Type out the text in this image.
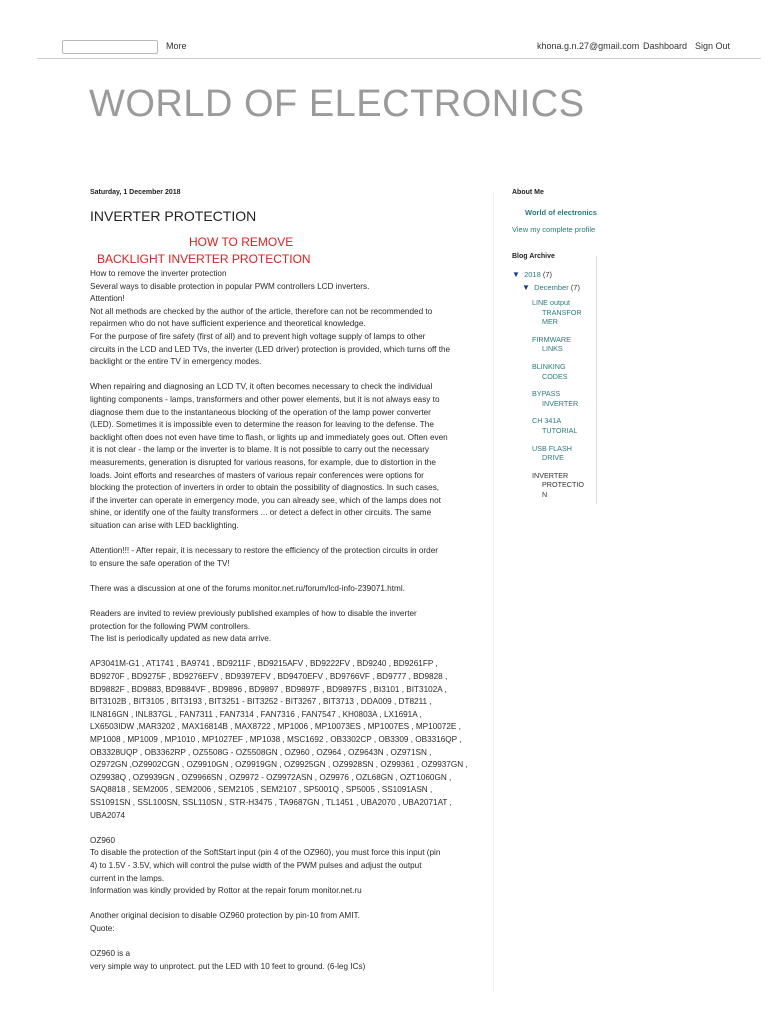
More	khona.g.n.27@gmail.com Dashboard Sign Out
WORLD OF ELECTRONICS
Saturday, 1 December 2018
INVERTER PROTECTION
HOW TO REMOVE
BACKLIGHT INVERTER PROTECTION

How to remove the inverter protection
Several ways to disable protection in popular PWM controllers LCD inverters.
Attention!
Not all methods are checked by the author of the article, therefore can not be recommended to
repairmen who do not have sufficient experience and theoretical knowledge.
For the purpose of fire safety (first of all) and to prevent high voltage supply of lamps to other
circuits in the LCD and LED TVs, the inverter (LED driver) protection is provided, which turns off the
backlight or the entire TV in emergency modes.

When repairing and diagnosing an LCD TV, it often becomes necessary to check the individual
lighting components - lamps, transformers and other power elements, but it is not always easy to
diagnose them due to the instantaneous blocking of the operation of the lamp power converter
(LED). Sometimes it is impossible even to determine the reason for leaving to the defense. The
backlight often does not even have time to flash, or lights up and immediately goes out. Often even
it is not clear - the lamp or the inverter is to blame. It is not possible to carry out the necessary
measurements, generation is disrupted for various reasons, for example, due to distortion in the
loads. Joint efforts and researches of masters of various repair conferences were options for
blocking the protection of inverters in order to obtain the possibility of diagnostics. In such cases,
if the inverter can operate in emergency mode, you can already see, which of the lamps does not
shine, or identify one of the faulty transformers ... or detect a defect in other circuits. The same
situation can arise with LED backlighting.

Attention!!! - After repair, it is necessary to restore the efficiency of the protection circuits in order
to ensure the safe operation of the TV!

There was a discussion at one of the forums monitor.net.ru/forum/lcd-info-239071.html.

Readers are invited to review previously published examples of how to disable the inverter
protection for the following PWM controllers.
The list is periodically updated as new data arrive.

AP3041M-G1 , AT1741 , BA9741 , BD9211F , BD9215AFV , BD9222FV , BD9240 , BD9261FP ,
BD9270F , BD9275F , BD9276EFV , BD9397EFV , BD9470EFV , BD9766VF , BD9777 , BD9828 ,
BD9882F , BD9883, BD9884VF , BD9896 , BD9897 , BD9897F , BD9897FS , BI3101 , BIT3102A ,
BIT3102B , BIT3105 , BIT3193 , BIT3251 - BIT3252 - BIT3267 , BIT3713 , DDA009 , DT8211 ,
ILN816GN , INL837GL , FAN7311 , FAN7314 , FAN7316 , FAN7547 , KH0803A , LX1691A ,
LX6503IDW ,MAR3202 , MAX16814B , MAX8722 , MP1006 , MP10073ES , MP1007ES , MP10072E ,
MP1008 , MP1009 , MP1010 , MP1027EF , MP1038 , MSC1692 , OB3302CP , OB3309 , OB3316QP ,
OB3328UQP , OB3362RP , OZ5508G - OZ5508GN , OZ960 , OZ964 , OZ9643N , OZ971SN ,
OZ972GN ,OZ9902CGN , OZ9910GN , OZ9919GN , OZ9925GN , OZ9928SN , OZ99361 , OZ9937GN ,
OZ9938Q , OZ9939GN , OZ9966SN , OZ9972 - OZ9972ASN , OZ9976 , OZL68GN , OZT1060GN ,
SAQ8818 , SEM2005 , SEM2006 , SEM2105 , SEM2107 , SP5001Q , SP5005 , SS1091ASN ,
SS1091SN , SSL100SN, SSL110SN , STR-H3475 , TA9687GN , TL1451 , UBA2070 , UBA2071AT ,
UBA2074

OZ960
To disable the protection of the SoftStart input (pin 4 of the OZ960), you must force this input (pin
4) to 1.5V - 3.5V, which will control the pulse width of the PWM pulses and adjust the output
current in the lamps.
Information was kindly provided by Rottor at the repair forum monitor.net.ru

Another original decision to disable OZ960 protection by pin-10 from AMIT.
Quote:

OZ960 is a
very simple way to unprotect. put the LED with 10 feet to ground. (6-leg ICs)

About Me
World of electronics
View my complete profile
Blog Archive
▼ 2018 (7)
▼ December (7)
LINE output
TRANSFOR
MER
FIRMWARE
LINKS
BLINKING
CODES
BYPASS
INVERTER
CH 341A
TUTORIAL
USB FLASH
DRIVE
INVERTER
PROTECTIO
N
